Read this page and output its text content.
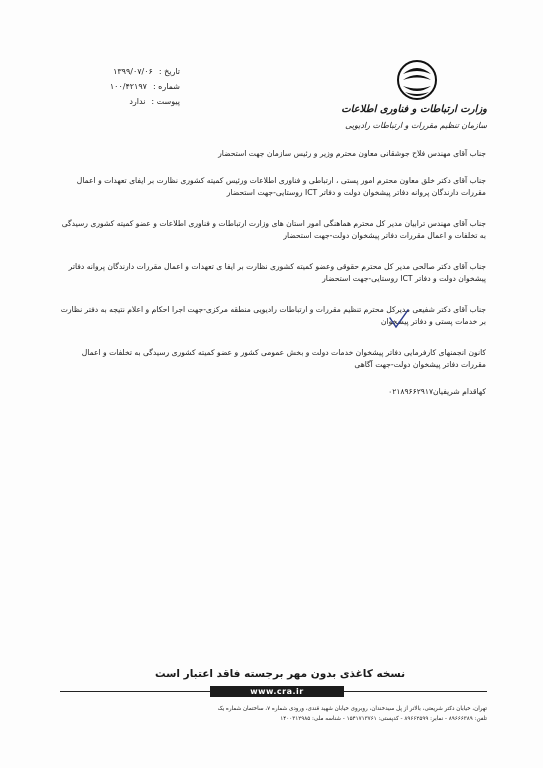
تاریخ :
۱۳۹۹/۰۷/۰۶
شماره :
۱۰۰/۴۲۱۹۷
پیوست :
ندارد
وزارت ارتباطات و فناوری اطلاعات
سازمان تنظیم مقررات و ارتباطات رادیویی
جناب آقای مهندس فلاح جوشقانی معاون محترم وزیر و رئیس سازمان جهت استحضار
جناب آقای دکتر خلق معاون محترم امور پستی ، ارتباطی و فناوری اطلاعات ورئیس کمیته کشوری نظارت بر ایفای تعهدات و اعمال مقررات دارندگان پروانه دفاتر پیشخوان دولت و دفاتر ICT روستایی-جهت استحضار
جناب آقای مهندس ترابیان مدیر کل محترم هماهنگی امور استان های وزارت ارتباطات و فناوری اطلاعات و عضو کمیته کشوری رسیدگی به تخلفات و اعمال مقررات دفاتر پیشخوان دولت-جهت استحضار
جناب آقای دکتر صالحی مدیر کل محترم حقوقی وعضو کمیته کشوری نظارت بر ایفا ی تعهدات و اعمال مقررات دارندگان پروانه دفاتر پیشخوان دولت و دفاتر ICT روستایی-جهت استحضار
جناب آقای دکتر شفیعی مدیرکل محترم تنظیم مقررات و ارتباطات رادیویی منطقه مرکزی-جهت اجرا احکام و اعلام نتیجه به دفتر نظارت بر خدمات پستی و دفاتر پیشخوان
کانون انجمنهای کارفرمایی دفاتر پیشخوان خدمات دولت و بخش عمومی کشور و عضو کمیته کشوری رسیدگی به تخلفات و اعمال مقررات دفاتر پیشخوان دولت-جهت آگاهی
کهاقدام شریفیان۰۲۱۸۹۶۶۲۹۱۷
نسخه کاغذی بدون مهر برجسته فاقد اعتبار است
www.cra.ir
تهران، خیابان دکتر شریعتی، بالاتر از پل سیدخندان، روبروی خیابان شهید قندی، ورودی شماره ۷، ساختمان شماره یک
تلفن: ۸۹۶۶۶۳۸۹ - نمابر: ۸۹۶۶۲۵۹۹ - کدپستی: ۱۵۴۱۷۱۳۷۶۱ - شناسه ملی: ۱۴۰۰۳۱۲۹۸۵
